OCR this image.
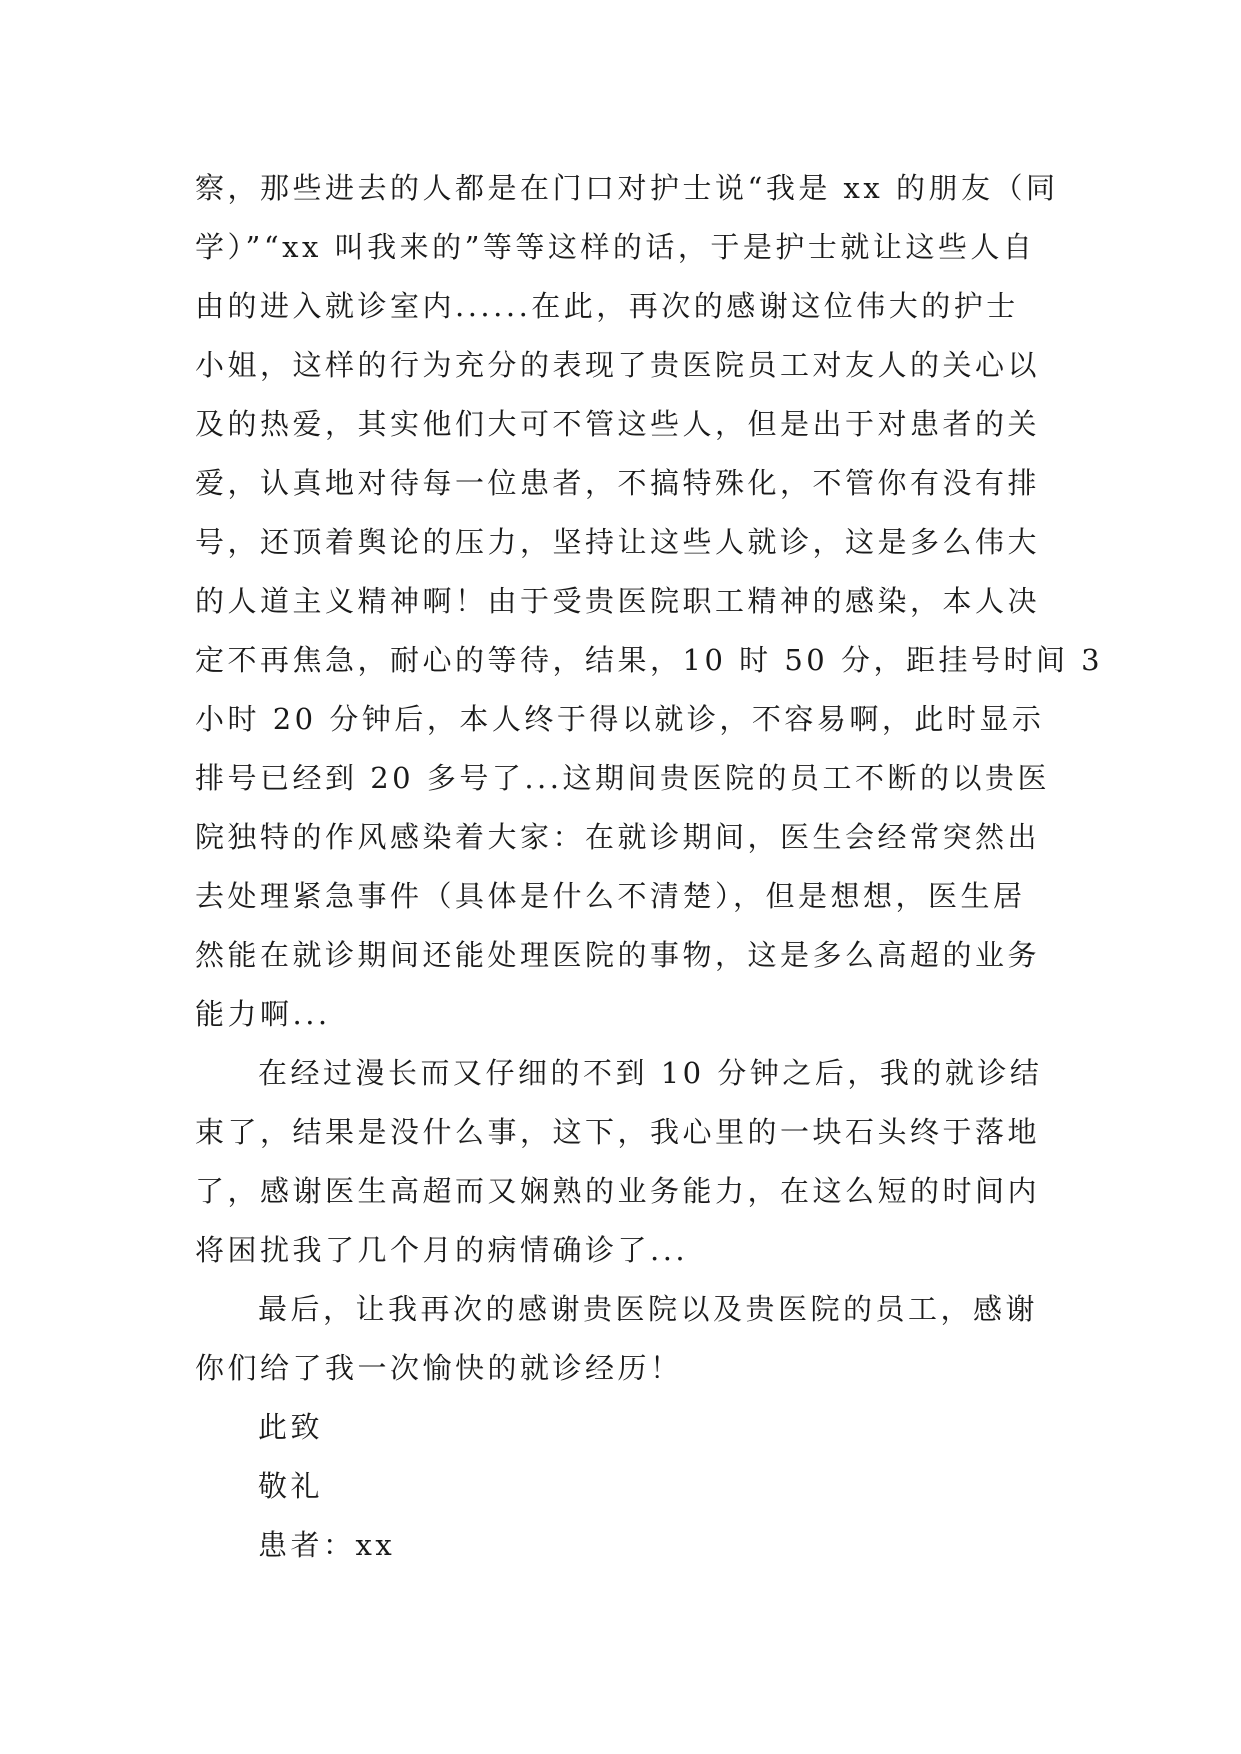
察，那些进去的人都是在门口对护士说“我是 xx 的朋友（同
学）”“xx 叫我来的”等等这样的话，于是护士就让这些人自
由的进入就诊室内......在此，再次的感谢这位伟大的护士
小姐，这样的行为充分的表现了贵医院员工对友人的关心以
及的热爱，其实他们大可不管这些人，但是出于对患者的关
爱，认真地对待每一位患者，不搞特殊化，不管你有没有排
号，还顶着舆论的压力，坚持让这些人就诊，这是多么伟大
的人道主义精神啊！由于受贵医院职工精神的感染，本人决
定不再焦急，耐心的等待，结果，10 时 50 分，距挂号时间 3
小时 20 分钟后，本人终于得以就诊，不容易啊，此时显示
排号已经到 20 多号了...这期间贵医院的员工不断的以贵医
院独特的作风感染着大家：在就诊期间，医生会经常突然出
去处理紧急事件（具体是什么不清楚），但是想想，医生居
然能在就诊期间还能处理医院的事物，这是多么高超的业务
能力啊...
在经过漫长而又仔细的不到 10 分钟之后，我的就诊结
束了，结果是没什么事，这下，我心里的一块石头终于落地
了，感谢医生高超而又娴熟的业务能力，在这么短的时间内
将困扰我了几个月的病情确诊了...
最后，让我再次的感谢贵医院以及贵医院的员工，感谢
你们给了我一次愉快的就诊经历！
此致
敬礼
患者：xx
